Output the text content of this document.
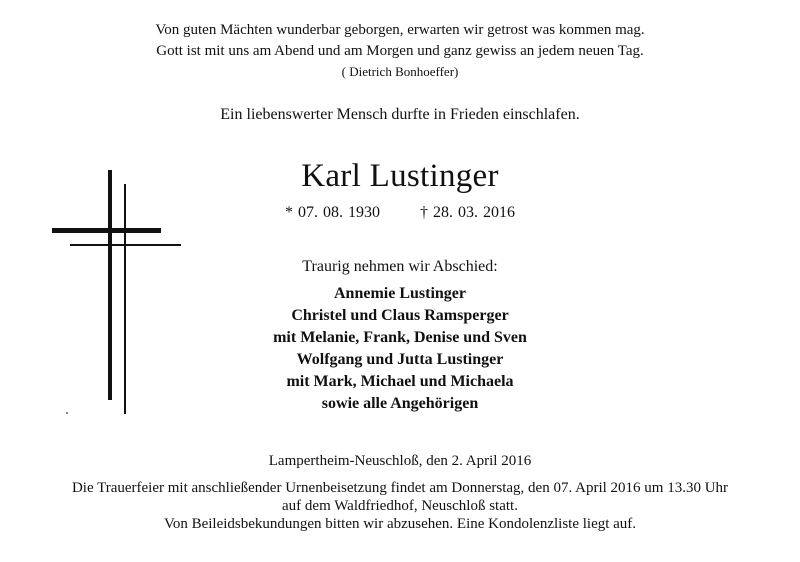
Von guten Mächten wunderbar geborgen, erwarten wir getrost was kommen mag.
Gott ist mit uns am Abend und am Morgen und ganz gewiss an jedem neuen Tag.
( Dietrich Bonhoeffer)
Ein liebenswerter Mensch durfte in Frieden einschlafen.
Karl Lustinger
* 07. 08. 1930	† 28. 03. 2016
Traurig nehmen wir Abschied:
Annemie Lustinger
Christel und Claus Ramsperger
mit Melanie, Frank, Denise und Sven
Wolfgang und Jutta Lustinger
mit Mark, Michael und Michaela
sowie alle Angehörigen
Lampertheim-Neuschloß, den 2. April 2016
Die Trauerfeier mit anschließender Urnenbeisetzung findet am Donnerstag, den 07. April 2016 um 13.30 Uhr
auf dem Waldfriedhof, Neuschloß statt.
Von Beileidsbekundungen bitten wir abzusehen. Eine Kondolenzliste liegt auf.
